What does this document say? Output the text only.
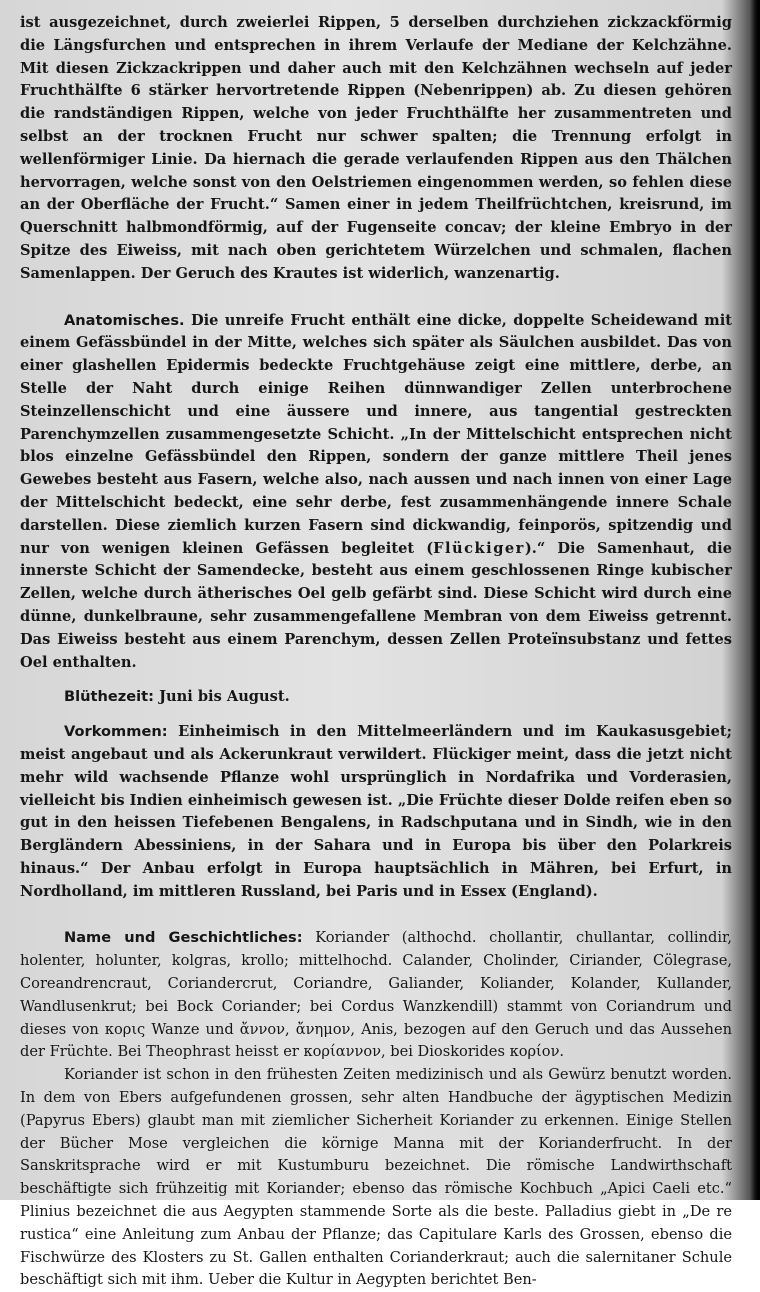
ist ausgezeichnet, durch zweierlei Rippen, 5 derselben durchziehen zickzackförmig die Längsfurchen und entsprechen in ihrem Verlaufe der Mediane der Kelchzähne. Mit diesen Zickzackrippen und daher auch mit den Kelchzähnen wechseln auf jeder Fruchthälfte 6 stärker hervortretende Rippen (Nebenrippen) ab. Zu diesen gehören die randständigen Rippen, welche von jeder Fruchthälfte her zusammentreten und selbst an der trocknen Frucht nur schwer spalten; die Trennung erfolgt in wellenförmiger Linie. Da hiernach die gerade verlaufenden Rippen aus den Thälchen hervorragen, welche sonst von den Oelstriemen eingenommen werden, so fehlen diese an der Oberfläche der Frucht.“ Samen einer in jedem Theilfrüchtchen, kreisrund, im Querschnitt halbmondförmig, auf der Fugenseite concav; der kleine Embryo in der Spitze des Eiweiss, mit nach oben gerichtetem Würzelchen und schmalen, flachen Samenlappen. Der Geruch des Krautes ist widerlich, wanzenartig.

Anatomisches. Die unreife Frucht enthält eine dicke, doppelte Scheidewand mit einem Gefässbündel in der Mitte, welches sich später als Säulchen ausbildet. Das von einer glashellen Epidermis bedeckte Fruchtgehäuse zeigt eine mittlere, derbe, an Stelle der Naht durch einige Reihen dünnwandiger Zellen unterbrochene Steinzellenschicht und eine äussere und innere, aus tangential gestreckten Parenchymzellen zusammengesetzte Schicht. „In der Mittelschicht entsprechen nicht blos einzelne Gefässbündel den Rippen, sondern der ganze mittlere Theil jenes Gewebes besteht aus Fasern, welche also, nach aussen und nach innen von einer Lage der Mittelschicht bedeckt, eine sehr derbe, fest zusammenhängende innere Schale darstellen. Diese ziemlich kurzen Fasern sind dickwandig, feinporös, spitzendig und nur von wenigen kleinen Gefässen begleitet (Flückiger).“ Die Samenhaut, die innerste Schicht der Samendecke, besteht aus einem geschlossenen Ringe kubischer Zellen, welche durch ätherisches Oel gelb gefärbt sind. Diese Schicht wird durch eine dünne, dunkelbraune, sehr zusammengefallene Membran von dem Eiweiss getrennt. Das Eiweiss besteht aus einem Parenchym, dessen Zellen Proteïnsubstanz und fettes Oel enthalten.

Blüthezeit: Juni bis August.

Vorkommen: Einheimisch in den Mittelmeerländern und im Kaukasusgebiet; meist angebaut und als Ackerunkraut verwildert. Flückiger meint, dass die jetzt nicht mehr wild wachsende Pflanze wohl ursprünglich in Nordafrika und Vorderasien, vielleicht bis Indien einheimisch gewesen ist. „Die Früchte dieser Dolde reifen eben so gut in den heissen Tiefebenen Bengalens, in Radschputana und in Sindh, wie in den Bergländern Abessiniens, in der Sahara und in Europa bis über den Polarkreis hinaus.“ Der Anbau erfolgt in Europa hauptsächlich in Mähren, bei Erfurt, in Nordholland, im mittleren Russland, bei Paris und in Essex (England).

Name und Geschichtliches: Koriander (althochd. chollantir, chullantar, collindir, holenter, holunter, kolgras, krollo; mittelhochd. Calander, Cholinder, Ciriander, Cölegrase, Coreandrencraut, Coriandercrut, Coriandre, Galiander, Koliander, Kolander, Kullander, Wandlusenkrut; bei Bock Coriander; bei Cordus Wanzkendill) stammt von Coriandrum und dieses von κορις Wanze und ἄννον, ἄνημον, Anis, bezogen auf den Geruch und das Aussehen der Früchte. Bei Theophrast heisst er κορίαννον, bei Dioskorides κορίον.

Koriander ist schon in den frühesten Zeiten medizinisch und als Gewürz benutzt worden. In dem von Ebers aufgefundenen grossen, sehr alten Handbuche der ägyptischen Medizin (Papyrus Ebers) glaubt man mit ziemlicher Sicherheit Koriander zu erkennen. Einige Stellen der Bücher Mose vergleichen die körnige Manna mit der Korianderfrucht. In der Sanskritsprache wird er mit Kustumburu bezeichnet. Die römische Landwirthschaft beschäftigte sich frühzeitig mit Koriander; ebenso das römische Kochbuch „Apici Caeli etc.“ Plinius bezeichnet die aus Aegypten stammende Sorte als die beste. Palladius giebt in „De re rustica“ eine Anleitung zum Anbau der Pflanze; das Capitulare Karls des Grossen, ebenso die Fischwürze des Klosters zu St. Gallen enthalten Corianderkraut; auch die salernitaner Schule beschäftigt sich mit ihm. Ueber die Kultur in Aegypten berichtet Ben-
